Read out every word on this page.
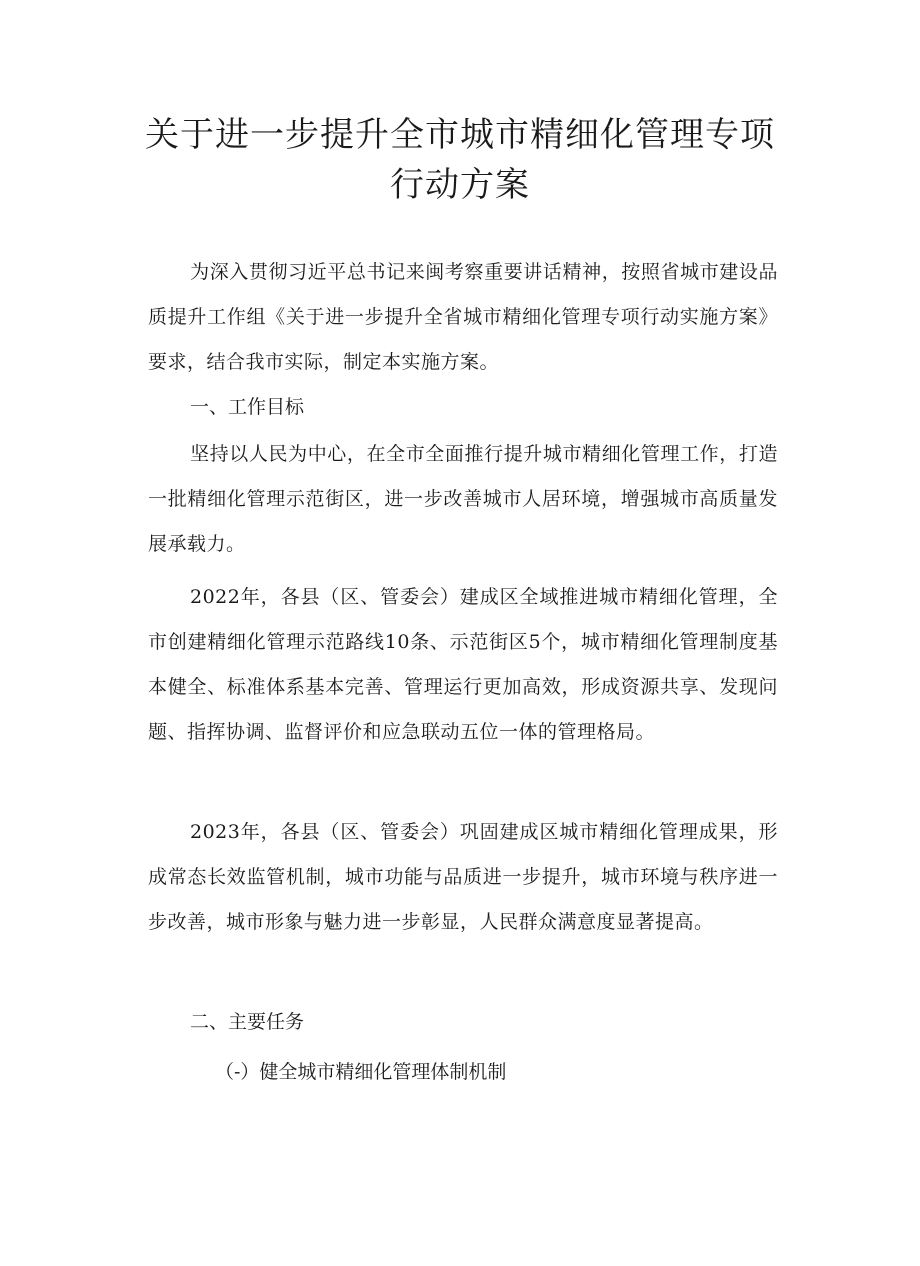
关于进一步提升全市城市精细化管理专项
行动方案

为深入贯彻习近平总书记来闽考察重要讲话精神，按照省城市建设品质提升工作组《关于进一步提升全省城市精细化管理专项行动实施方案》要求，结合我市实际，制定本实施方案。

一、工作目标

坚持以人民为中心，在全市全面推行提升城市精细化管理工作，打造一批精细化管理示范街区，进一步改善城市人居环境，增强城市高质量发展承载力。

2022年，各县（区、管委会）建成区全域推进城市精细化管理，全市创建精细化管理示范路线10条、示范街区5个，城市精细化管理制度基本健全、标准体系基本完善、管理运行更加高效，形成资源共享、发现问题、指挥协调、监督评价和应急联动五位一体的管理格局。

2023年，各县（区、管委会）巩固建成区城市精细化管理成果，形成常态长效监管机制，城市功能与品质进一步提升，城市环境与秩序进一步改善，城市形象与魅力进一步彰显，人民群众满意度显著提高。

二、主要任务

（-）健全城市精细化管理体制机制
